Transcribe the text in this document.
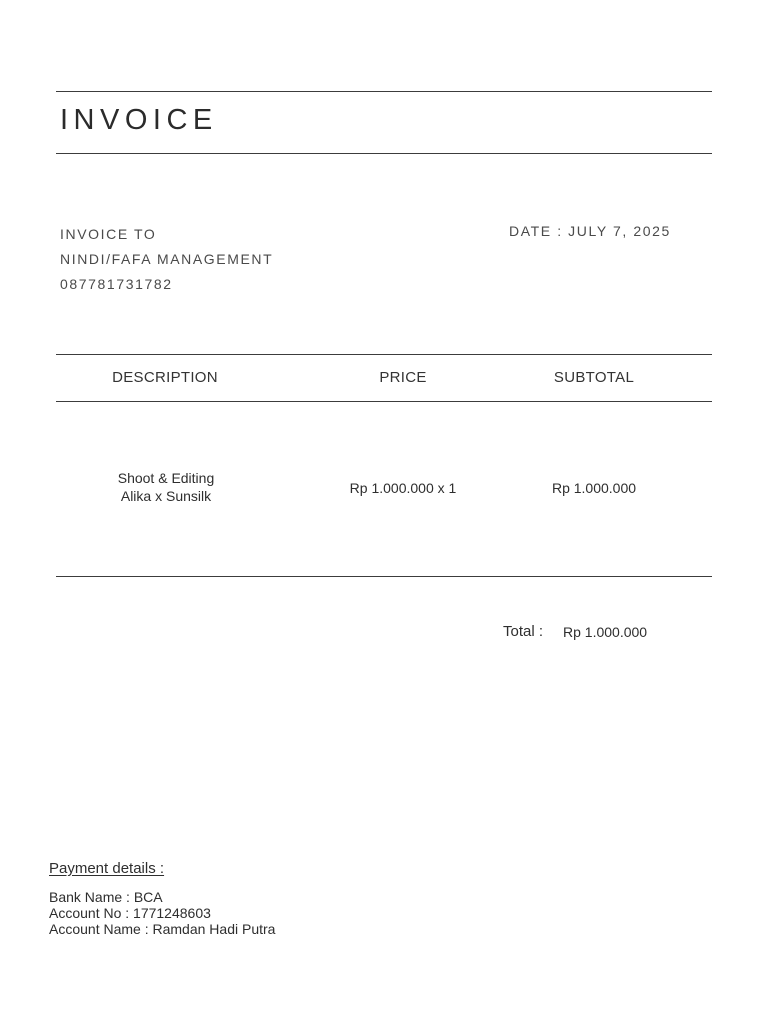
INVOICE
INVOICE TO
NINDI/FAFA MANAGEMENT
087781731782
DATE : JULY 7, 2025
DESCRIPTION	PRICE	SUBTOTAL
Shoot & Editing
Alika x Sunsilk	Rp 1.000.000 x 1	Rp 1.000.000
Total : Rp 1.000.000
Payment details :
Bank Name : BCA
Account No : 1771248603
Account Name : Ramdan Hadi Putra
